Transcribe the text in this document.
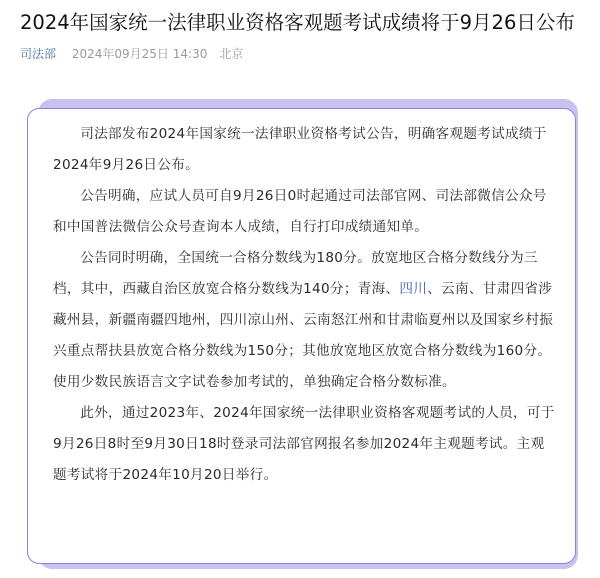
2024年国家统一法律职业资格客观题考试成绩将于9月26日公布
司法部 2024年09月25日 14:30 北京

司法部发布2024年国家统一法律职业资格考试公告，明确客观题考试成绩于2024年9月26日公布。

公告明确，应试人员可自9月26日0时起通过司法部官网、司法部微信公众号和中国普法微信公众号查询本人成绩，自行打印成绩通知单。

公告同时明确，全国统一合格分数线为180分。放宽地区合格分数线分为三档，其中，西藏自治区放宽合格分数线为140分；青海、四川、云南、甘肃四省涉藏州县，新疆南疆四地州，四川凉山州、云南怒江州和甘肃临夏州以及国家乡村振兴重点帮扶县放宽合格分数线为150分；其他放宽地区放宽合格分数线为160分。使用少数民族语言文字试卷参加考试的，单独确定合格分数标准。

此外，通过2023年、2024年国家统一法律职业资格客观题考试的人员，可于9月26日8时至9月30日18时登录司法部官网报名参加2024年主观题考试。主观题考试将于2024年10月20日举行。
